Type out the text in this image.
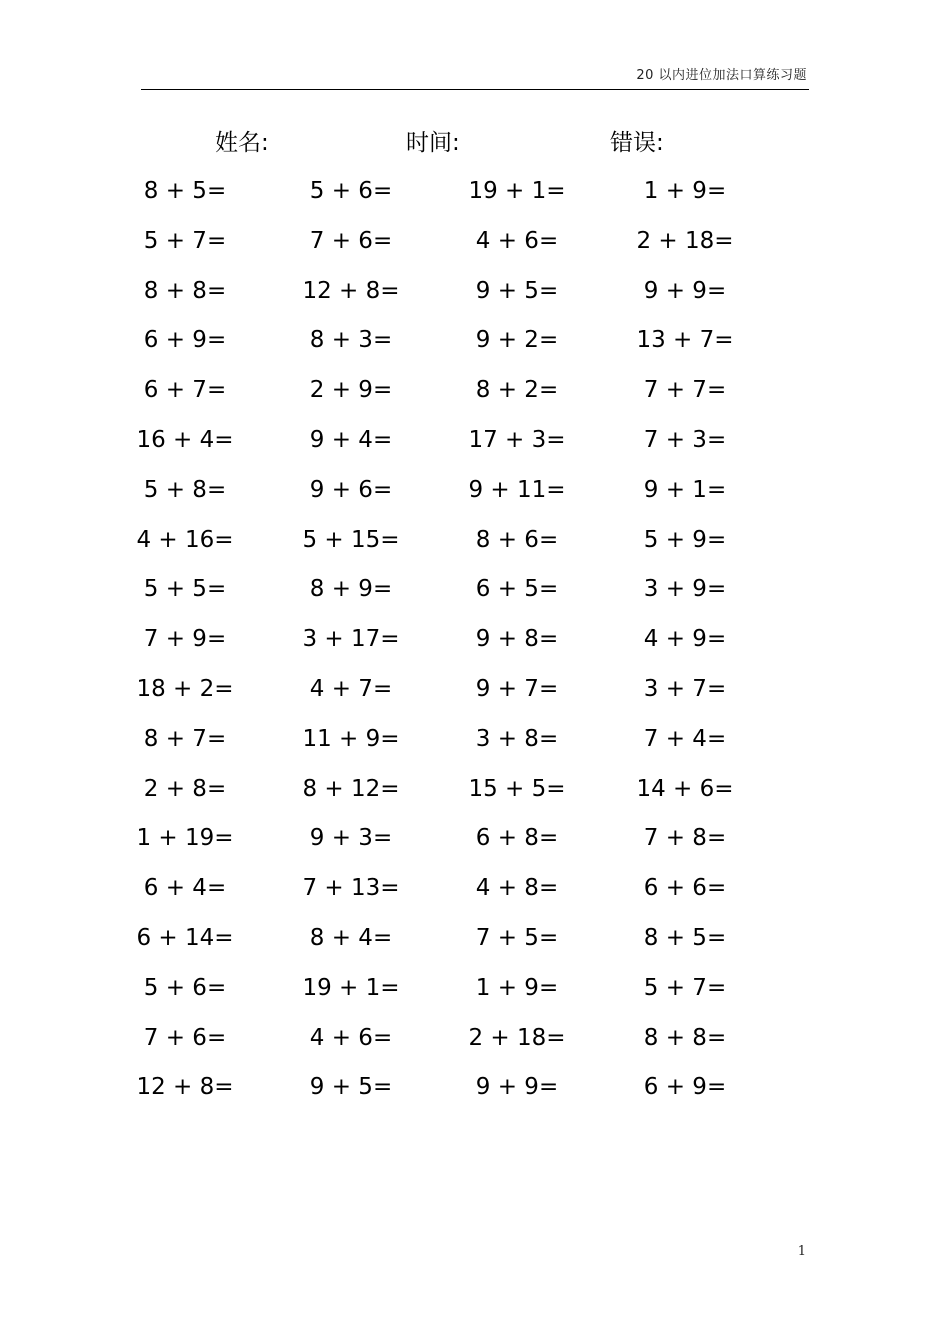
20 以内进位加法口算练习题
姓名:	时间:	错误:
8 + 5=	5 + 6=	19 + 1=	1 + 9=
5 + 7=	7 + 6=	4 + 6=	2 + 18=
8 + 8=	12 + 8=	9 + 5=	9 + 9=
6 + 9=	8 + 3=	9 + 2=	13 + 7=
6 + 7=	2 + 9=	8 + 2=	7 + 7=
16 + 4=	9 + 4=	17 + 3=	7 + 3=
5 + 8=	9 + 6=	9 + 11=	9 + 1=
4 + 16=	5 + 15=	8 + 6=	5 + 9=
5 + 5=	8 + 9=	6 + 5=	3 + 9=
7 + 9=	3 + 17=	9 + 8=	4 + 9=
18 + 2=	4 + 7=	9 + 7=	3 + 7=
8 + 7=	11 + 9=	3 + 8=	7 + 4=
2 + 8=	8 + 12=	15 + 5=	14 + 6=
1 + 19=	9 + 3=	6 + 8=	7 + 8=
6 + 4=	7 + 13=	4 + 8=	6 + 6=
6 + 14=	8 + 4=	7 + 5=	8 + 5=
5 + 6=	19 + 1=	1 + 9=	5 + 7=
7 + 6=	4 + 6=	2 + 18=	8 + 8=
12 + 8=	9 + 5=	9 + 9=	6 + 9=
1
